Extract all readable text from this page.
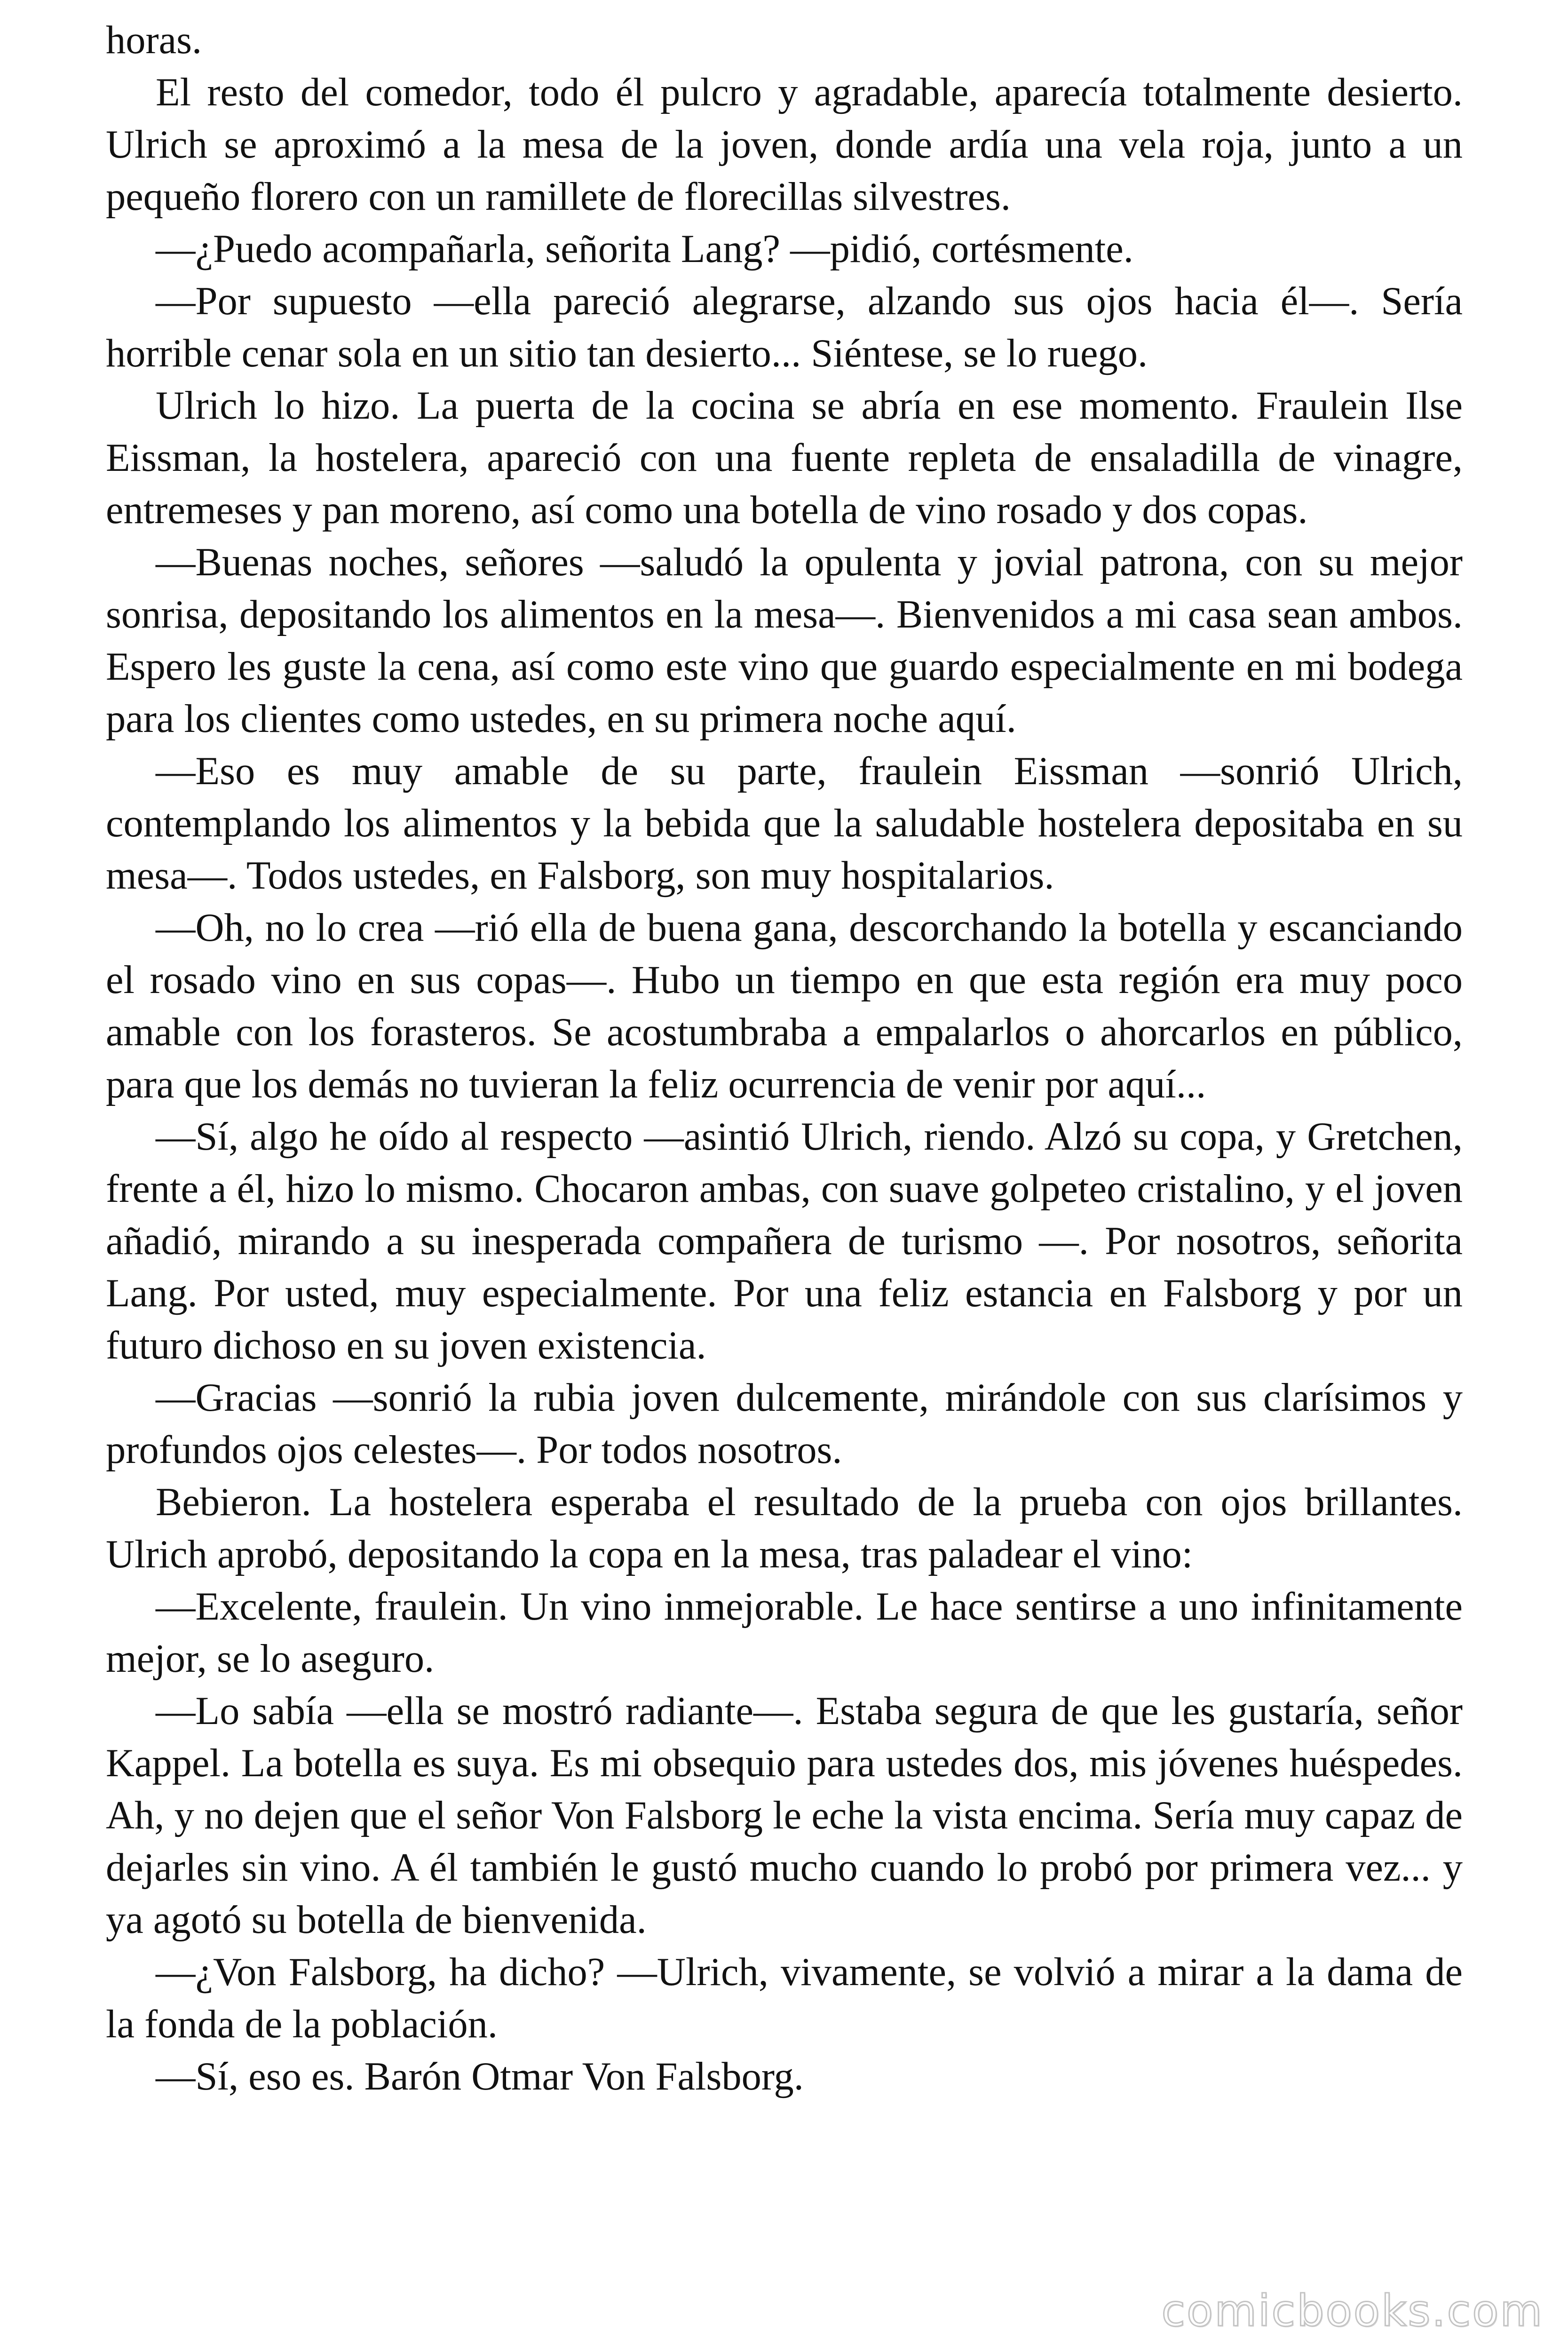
horas.

El resto del comedor, todo él pulcro y agradable, aparecía totalmente desierto. Ulrich se aproximó a la mesa de la joven, donde ardía una vela roja, junto a un pequeño florero con un ramillete de florecillas silvestres.

—¿Puedo acompañarla, señorita Lang? —pidió, cortésmente.

—Por supuesto —ella pareció alegrarse, alzando sus ojos hacia él—. Sería horrible cenar sola en un sitio tan desierto... Siéntese, se lo ruego.

Ulrich lo hizo. La puerta de la cocina se abría en ese momento. Fraulein Ilse Eissman, la hostelera, apareció con una fuente repleta de ensaladilla de vinagre, entremeses y pan moreno, así como una botella de vino rosado y dos copas.

—Buenas noches, señores —saludó la opulenta y jovial patrona, con su mejor sonrisa, depositando los alimentos en la mesa—. Bienvenidos a mi casa sean ambos. Espero les guste la cena, así como este vino que guardo especialmente en mi bodega para los clientes como ustedes, en su primera noche aquí.

—Eso es muy amable de su parte, fraulein Eissman —sonrió Ulrich, contemplando los alimentos y la bebida que la saludable hostelera depositaba en su mesa—. Todos ustedes, en Falsborg, son muy hospitalarios.

—Oh, no lo crea —rió ella de buena gana, descorchando la botella y escanciando el rosado vino en sus copas—. Hubo un tiempo en que esta región era muy poco amable con los forasteros. Se acostumbraba a empalarlos o ahorcarlos en público, para que los demás no tuvieran la feliz ocurrencia de venir por aquí...

—Sí, algo he oído al respecto —asintió Ulrich, riendo. Alzó su copa, y Gretchen, frente a él, hizo lo mismo. Chocaron ambas, con suave golpeteo cristalino, y el joven añadió, mirando a su inesperada compañera de turismo —. Por nosotros, señorita Lang. Por usted, muy especialmente. Por una feliz estancia en Falsborg y por un futuro dichoso en su joven existencia.

—Gracias —sonrió la rubia joven dulcemente, mirándole con sus clarísimos y profundos ojos celestes—. Por todos nosotros.

Bebieron. La hostelera esperaba el resultado de la prueba con ojos brillantes. Ulrich aprobó, depositando la copa en la mesa, tras paladear el vino:

—Excelente, fraulein. Un vino inmejorable. Le hace sentirse a uno infinitamente mejor, se lo aseguro.

—Lo sabía —ella se mostró radiante—. Estaba segura de que les gustaría, señor Kappel. La botella es suya. Es mi obsequio para ustedes dos, mis jóvenes huéspedes. Ah, y no dejen que el señor Von Falsborg le eche la vista encima. Sería muy capaz de dejarles sin vino. A él también le gustó mucho cuando lo probó por primera vez... y ya agotó su botella de bienvenida.

—¿Von Falsborg, ha dicho? —Ulrich, vivamente, se volvió a mirar a la dama de la fonda de la población.

—Sí, eso es. Barón Otmar Von Falsborg.

comicbooks.com
